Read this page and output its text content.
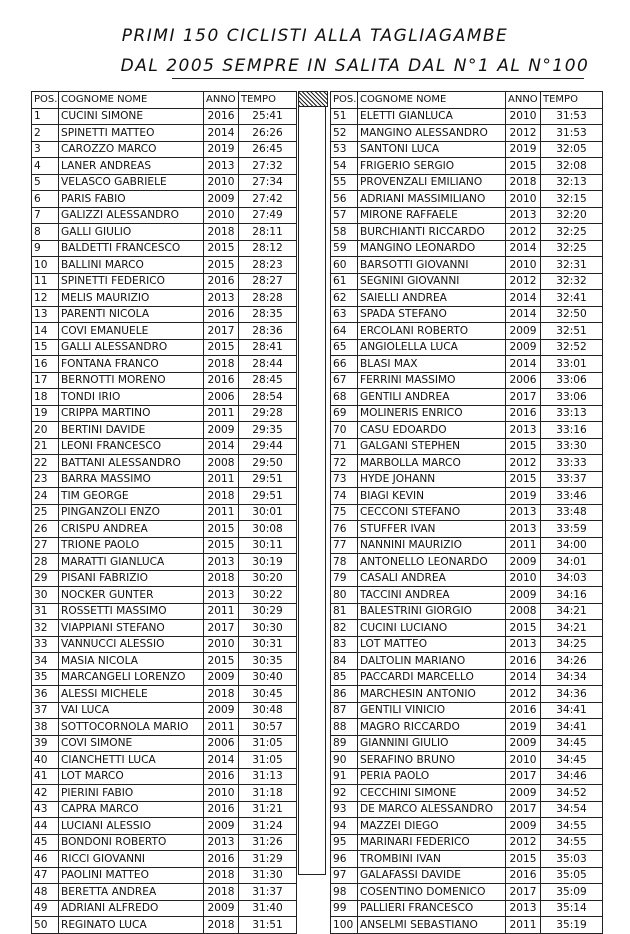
PRIMI 150 CICLISTI ALLA TAGLIAGAMBE
DAL 2005 SEMPRE IN SALITA DAL N°1 AL N°100
POS.	COGNOME NOME	ANNO	TEMPO
1	CUCINI SIMONE	2016	25:41
2	SPINETTI MATTEO	2014	26:26
3	CAROZZO MARCO	2019	26:45
4	LANER ANDREAS	2013	27:32
5	VELASCO GABRIELE	2010	27:34
6	PARIS FABIO	2009	27:42
7	GALIZZI ALESSANDRO	2010	27:49
8	GALLI GIULIO	2018	28:11
9	BALDETTI FRANCESCO	2015	28:12
10	BALLINI MARCO	2015	28:23
11	SPINETTI FEDERICO	2016	28:27
12	MELIS MAURIZIO	2013	28:28
13	PARENTI NICOLA	2016	28:35
14	COVI EMANUELE	2017	28:36
15	GALLI ALESSANDRO	2015	28:41
16	FONTANA FRANCO	2018	28:44
17	BERNOTTI MORENO	2016	28:45
18	TONDI IRIO	2006	28:54
19	CRIPPA MARTINO	2011	29:28
20	BERTINI DAVIDE	2009	29:35
21	LEONI FRANCESCO	2014	29:44
22	BATTANI ALESSANDRO	2008	29:50
23	BARRA MASSIMO	2011	29:51
24	TIM GEORGE	2018	29:51
25	PINGANZOLI ENZO	2011	30:01
26	CRISPU ANDREA	2015	30:08
27	TRIONE PAOLO	2015	30:11
28	MARATTI GIANLUCA	2013	30:19
29	PISANI FABRIZIO	2018	30:20
30	NOCKER GUNTER	2013	30:22
31	ROSSETTI MASSIMO	2011	30:29
32	VIAPPIANI STEFANO	2017	30:30
33	VANNUCCI ALESSIO	2010	30:31
34	MASIA NICOLA	2015	30:35
35	MARCANGELI LORENZO	2009	30:40
36	ALESSI MICHELE	2018	30:45
37	VAI LUCA	2009	30:48
38	SOTTOCORNOLA MARIO	2011	30:57
39	COVI SIMONE	2006	31:05
40	CIANCHETTI LUCA	2014	31:05
41	LOT MARCO	2016	31:13
42	PIERINI FABIO	2010	31:18
43	CAPRA MARCO	2016	31:21
44	LUCIANI ALESSIO	2009	31:24
45	BONDONI ROBERTO	2013	31:26
46	RICCI GIOVANNI	2016	31:29
47	PAOLINI MATTEO	2018	31:30
48	BERETTA ANDREA	2018	31:37
49	ADRIANI ALFREDO	2009	31:40
50	REGINATO LUCA	2018	31:51
POS.	COGNOME NOME	ANNO	TEMPO
51	ELETTI GIANLUCA	2010	31:53
52	MANGINO ALESSANDRO	2012	31:53
53	SANTONI LUCA	2019	32:05
54	FRIGERIO SERGIO	2015	32:08
55	PROVENZALI EMILIANO	2018	32:13
56	ADRIANI MASSIMILIANO	2010	32:15
57	MIRONE RAFFAELE	2013	32:20
58	BURCHIANTI RICCARDO	2012	32:25
59	MANGINO LEONARDO	2014	32:25
60	BARSOTTI GIOVANNI	2010	32:31
61	SEGNINI GIOVANNI	2012	32:32
62	SAIELLI ANDREA	2014	32:41
63	SPADA STEFANO	2014	32:50
64	ERCOLANI ROBERTO	2009	32:51
65	ANGIOLELLA LUCA	2009	32:52
66	BLASI MAX	2014	33:01
67	FERRINI MASSIMO	2006	33:06
68	GENTILI ANDREA	2017	33:06
69	MOLINERIS ENRICO	2016	33:13
70	CASU EDOARDO	2013	33:16
71	GALGANI STEPHEN	2015	33:30
72	MARBOLLA MARCO	2012	33:33
73	HYDE JOHANN	2015	33:37
74	BIAGI KEVIN	2019	33:46
75	CECCONI STEFANO	2013	33:48
76	STUFFER IVAN	2013	33:59
77	NANNINI MAURIZIO	2011	34:00
78	ANTONELLO LEONARDO	2009	34:01
79	CASALI ANDREA	2010	34:03
80	TACCINI ANDREA	2009	34:16
81	BALESTRINI GIORGIO	2008	34:21
82	CUCINI LUCIANO	2015	34:21
83	LOT MATTEO	2013	34:25
84	DALTOLIN MARIANO	2016	34:26
85	PACCARDI MARCELLO	2014	34:34
86	MARCHESIN ANTONIO	2012	34:36
87	GENTILI VINICIO	2016	34:41
88	MAGRO RICCARDO	2019	34:41
89	GIANNINI GIULIO	2009	34:45
90	SERAFINO BRUNO	2010	34:45
91	PERIA PAOLO	2017	34:46
92	CECCHINI SIMONE	2009	34:52
93	DE MARCO ALESSANDRO	2017	34:54
94	MAZZEI DIEGO	2009	34:55
95	MARINARI FEDERICO	2012	34:55
96	TROMBINI IVAN	2015	35:03
97	GALAFASSI DAVIDE	2016	35:05
98	COSENTINO DOMENICO	2017	35:09
99	PALLIERI FRANCESCO	2013	35:14
100	ANSELMI SEBASTIANO	2011	35:19
